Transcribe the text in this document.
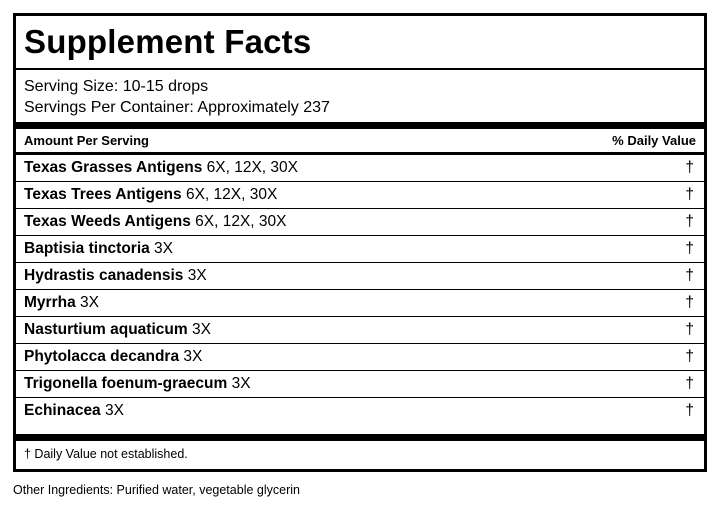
Supplement Facts
Serving Size: 10-15 drops
Servings Per Container: Approximately 237
Amount Per Serving	% Daily Value
Texas Grasses Antigens 6X, 12X, 30X	†
Texas Trees Antigens 6X, 12X, 30X	†
Texas Weeds Antigens 6X, 12X, 30X	†
Baptisia tinctoria 3X	†
Hydrastis canadensis 3X	†
Myrrha 3X	†
Nasturtium aquaticum 3X	†
Phytolacca decandra 3X	†
Trigonella foenum-graecum 3X	†
Echinacea 3X	†
† Daily Value not established.
Other Ingredients: Purified water, vegetable glycerin
